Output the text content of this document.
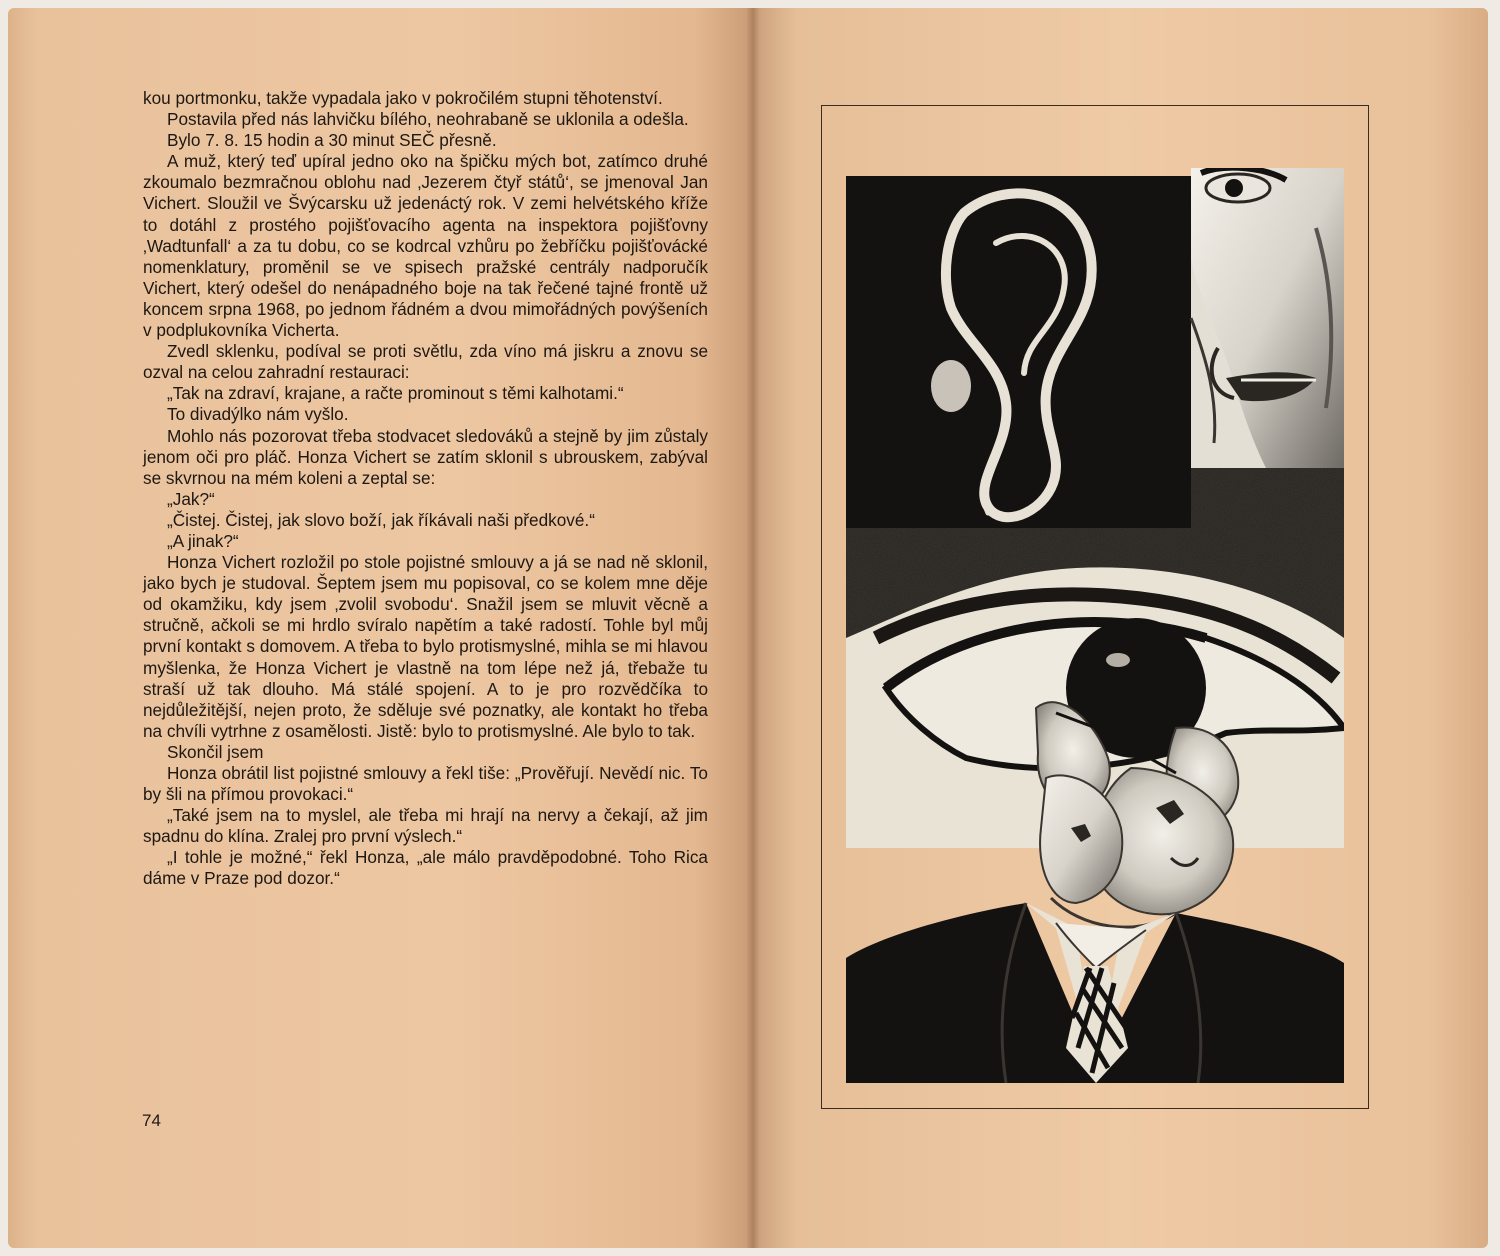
kou portmonku, takže vypadala jako v pokročilém stupni těhotenství.

Postavila před nás lahvičku bílého, neohrabaně se uklonila a odešla.

Bylo 7. 8. 15 hodin a 30 minut SEČ přesně.

A muž, který teď upíral jedno oko na špičku mých bot, zatímco druhé zkoumalo bezmračnou oblohu nad ‚Jezerem čtyř států‘, se jmenoval Jan Vichert. Sloužil ve Švýcarsku už jedenáctý rok. V zemi helvétského kříže to dotáhl z prostého pojišťovacího agenta na inspektora pojišťovny ‚Wadtunfall‘ a za tu dobu, co se kodrcal vzhůru po žebříčku pojišťovácké nomenklatury, proměnil se ve spisech pražské centrály nadporučík Vichert, který odešel do nenápadného boje na tak řečené tajné frontě už koncem srpna 1968, po jednom řádném a dvou mimořádných povýšeních v podplukovníka Vicherta.

Zvedl sklenku, podíval se proti světlu, zda víno má jiskru a znovu se ozval na celou zahradní restauraci:

„Tak na zdraví, krajane, a račte prominout s těmi kalhotami.“

To divadýlko nám vyšlo.

Mohlo nás pozorovat třeba stodvacet sledováků a stejně by jim zůstaly jenom oči pro pláč. Honza Vichert se zatím sklonil s ubrouskem, zabýval se skvrnou na mém koleni a zeptal se:

„Jak?“

„Čistej. Čistej, jak slovo boží, jak říkávali naši předkové.“

„A jinak?“

Honza Vichert rozložil po stole pojistné smlouvy a já se nad ně sklonil, jako bych je studoval. Šeptem jsem mu popisoval, co se kolem mne děje od okamžiku, kdy jsem ‚zvolil svobodu‘. Snažil jsem se mluvit věcně a stručně, ačkoli se mi hrdlo svíralo napětím a také radostí. Tohle byl můj první kontakt s domovem. A třeba to bylo protismyslné, mihla se mi hlavou myšlenka, že Honza Vichert je vlastně na tom lépe než já, třebaže tu straší už tak dlouho. Má stálé spojení. A to je pro rozvědčíka to nejdůležitější, nejen proto, že sděluje své poznatky, ale kontakt ho třeba na chvíli vytrhne z osamělosti. Jistě: bylo to protismyslné. Ale bylo to tak.

Skončil jsem

Honza obrátil list pojistné smlouvy a řekl tiše: „Prověřují. Nevědí nic. To by šli na přímou provokaci.“

„Také jsem na to myslel, ale třeba mi hrají na nervy a čekají, až jim spadnu do klína. Zralej pro první výslech.“

„I tohle je možné,“ řekl Honza, „ale málo pravděpodobné. Toho Rica dáme v Praze pod dozor.“

74
